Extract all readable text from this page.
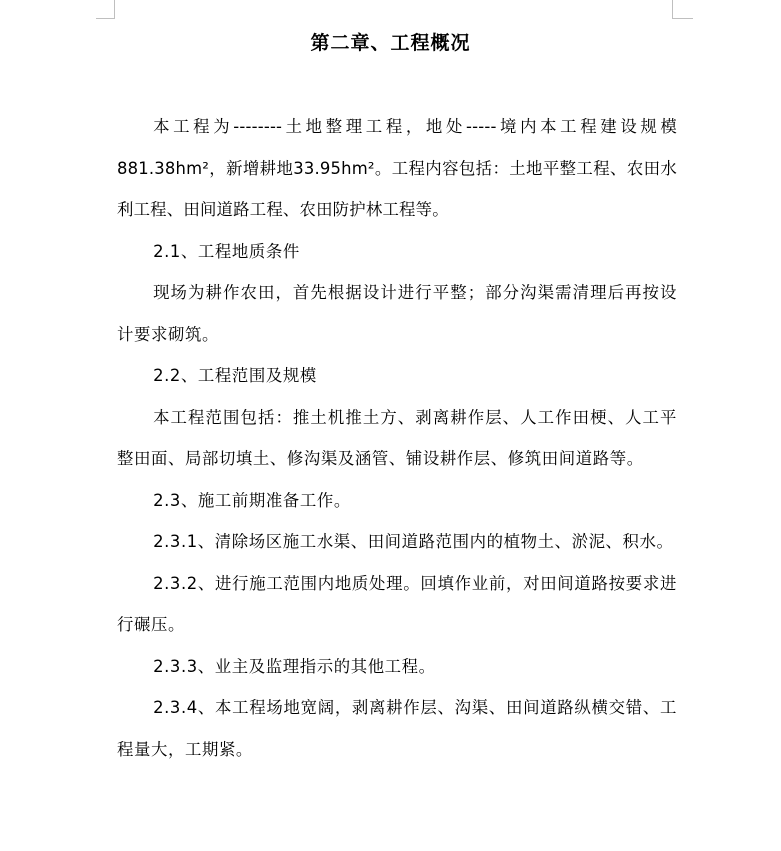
第二章、工程概况

本工程为--------土地整理工程，地处-----境内本工程建设规模881.38hm²，新增耕地33.95hm²。工程内容包括：土地平整工程、农田水利工程、田间道路工程、农田防护林工程等。

2.1、工程地质条件

现场为耕作农田，首先根据设计进行平整；部分沟渠需清理后再按设计要求砌筑。

2.2、工程范围及规模

本工程范围包括：推土机推土方、剥离耕作层、人工作田梗、人工平整田面、局部切填土、修沟渠及涵管、铺设耕作层、修筑田间道路等。

2.3、施工前期准备工作。

2.3.1、清除场区施工水渠、田间道路范围内的植物土、淤泥、积水。

2.3.2、进行施工范围内地质处理。回填作业前，对田间道路按要求进行碾压。

2.3.3、业主及监理指示的其他工程。

2.3.4、本工程场地宽阔，剥离耕作层、沟渠、田间道路纵横交错、工程量大，工期紧。
